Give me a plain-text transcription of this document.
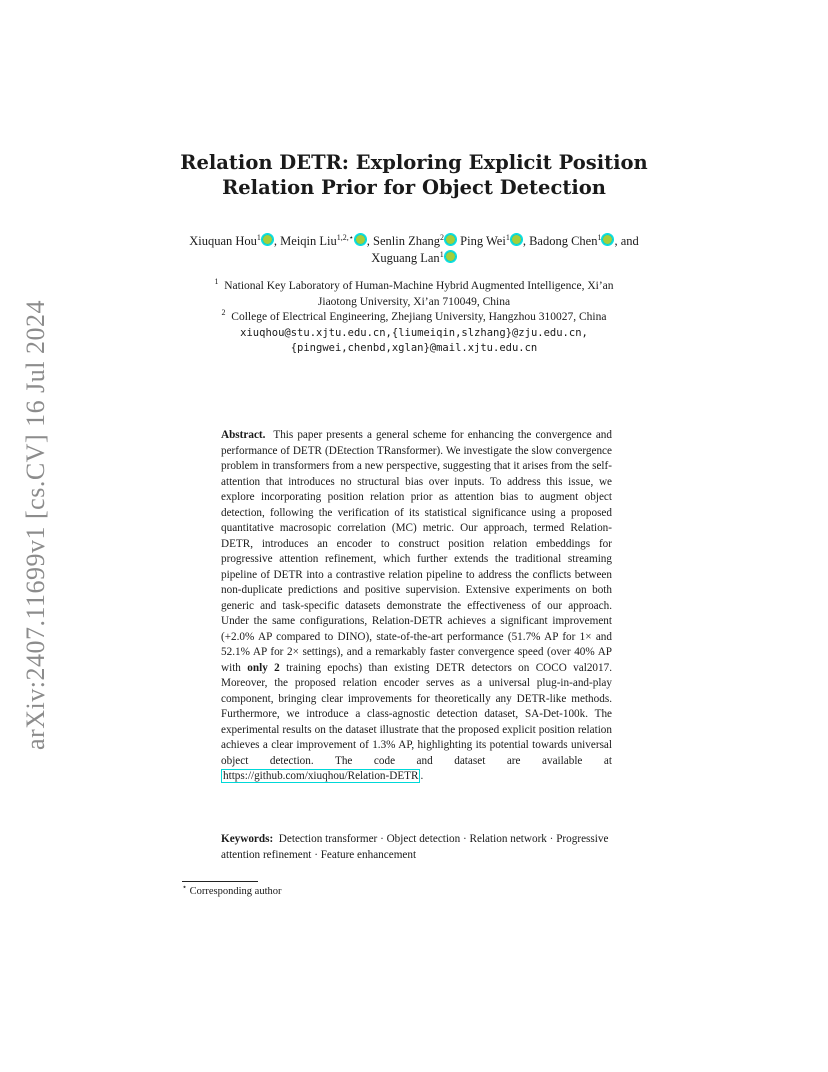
arXiv:2407.11699v1 [cs.CV] 16 Jul 2024
Relation DETR: Exploring Explicit Position
Relation Prior for Object Detection
Xiuquan Hou$^1$ , Meiqin Liu$^{1,2,⋆}$ , Senlin Zhang$^2$ Ping Wei$^1$ , Badong Chen$^1$ , and Xuguang Lan$^1$
$^1$ National Key Laboratory of Human-Machine Hybrid Augmented Intelligence, Xi’an
Jiaotong University, Xi’an 710049, China
$^2$ College of Electrical Engineering, Zhejiang University, Hangzhou 310027, China
xiuqhou@stu.xjtu.edu.cn,{liumeiqin,slzhang}@zju.edu.cn,
{pingwei,chenbd,xglan}@mail.xjtu.edu.cn
Abstract. This paper presents a general scheme for enhancing the convergence and performance of DETR (DEtection TRansformer). We investigate the slow convergence problem in transformers from a new perspective, suggesting that it arises from the self-attention that introduces no structural bias over inputs. To address this issue, we explore incorporating position relation prior as attention bias to augment object detection, following the verification of its statistical significance using a proposed quantitative macrosopic correlation (MC) metric. Our approach, termed Relation-DETR, introduces an encoder to construct position relation embeddings for progressive attention refinement, which further extends the traditional streaming pipeline of DETR into a contrastive relation pipeline to address the conflicts between non-duplicate predictions and positive supervision. Extensive experiments on both generic and task-specific datasets demonstrate the effectiveness of our approach. Under the same configurations, Relation-DETR achieves a significant improvement (+2.0% AP compared to DINO), state-of-the-art performance (51.7% AP for 1× and 52.1% AP for 2× settings), and a remarkably faster convergence speed (over 40% AP with only 2 training epochs) than existing DETR detectors on COCO val2017. Moreover, the proposed relation encoder serves as a universal plug-in-and-play component, bringing clear improvements for theoretically any DETR-like methods. Furthermore, we introduce a class-agnostic detection dataset, SA-Det-100k. The experimental results on the dataset illustrate that the proposed explicit position relation achieves a clear improvement of 1.3% AP, highlighting its potential towards universal object detection. The code and dataset are available at https://github.com/xiuqhou/Relation-DETR .
Keywords: Detection transformer · Object detection · Relation network · Progressive attention refinement · Feature enhancement
⋆ Corresponding author
